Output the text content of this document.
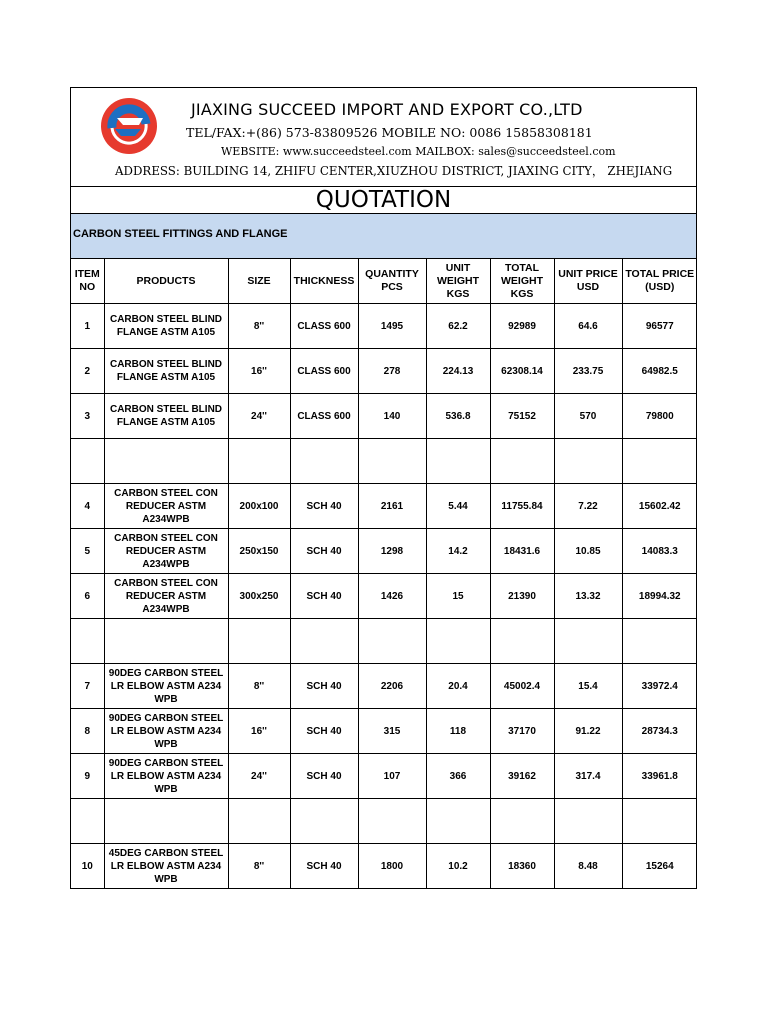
JIAXING SUCCEED IMPORT AND EXPORT CO.,LTD
TEL/FAX:+(86) 573-83809526 MOBILE NO: 0086 15858308181
WEBSITE: www.succeedsteel.com MAILBOX: sales@succeedsteel.com
ADDRESS: BUILDING 14, ZHIFU CENTER,XIUZHOU DISTRICT, JIAXING CITY， ZHEJIANG
QUOTATION
CARBON STEEL FITTINGS AND FLANGE
ITEM NO	PRODUCTS	SIZE	THICKNESS	QUANTITY PCS	UNIT WEIGHT KGS	TOTAL WEIGHT KGS	UNIT PRICE USD	TOTAL PRICE (USD)
1	CARBON STEEL BLIND FLANGE ASTM A105	8''	CLASS 600	1495	62.2	92989	64.6	96577
2	CARBON STEEL BLIND FLANGE ASTM A105	16''	CLASS 600	278	224.13	62308.14	233.75	64982.5
3	CARBON STEEL BLIND FLANGE ASTM A105	24''	CLASS 600	140	536.8	75152	570	79800

4	CARBON STEEL CON REDUCER ASTM A234WPB	200x100	SCH 40	2161	5.44	11755.84	7.22	15602.42
5	CARBON STEEL CON REDUCER ASTM A234WPB	250x150	SCH 40	1298	14.2	18431.6	10.85	14083.3
6	CARBON STEEL CON REDUCER ASTM A234WPB	300x250	SCH 40	1426	15	21390	13.32	18994.32

7	90DEG CARBON STEEL LR ELBOW ASTM A234 WPB	8''	SCH 40	2206	20.4	45002.4	15.4	33972.4
8	90DEG CARBON STEEL LR ELBOW ASTM A234 WPB	16''	SCH 40	315	118	37170	91.22	28734.3
9	90DEG CARBON STEEL LR ELBOW ASTM A234 WPB	24''	SCH 40	107	366	39162	317.4	33961.8

10	45DEG CARBON STEEL LR ELBOW ASTM A234 WPB	8''	SCH 40	1800	10.2	18360	8.48	15264
